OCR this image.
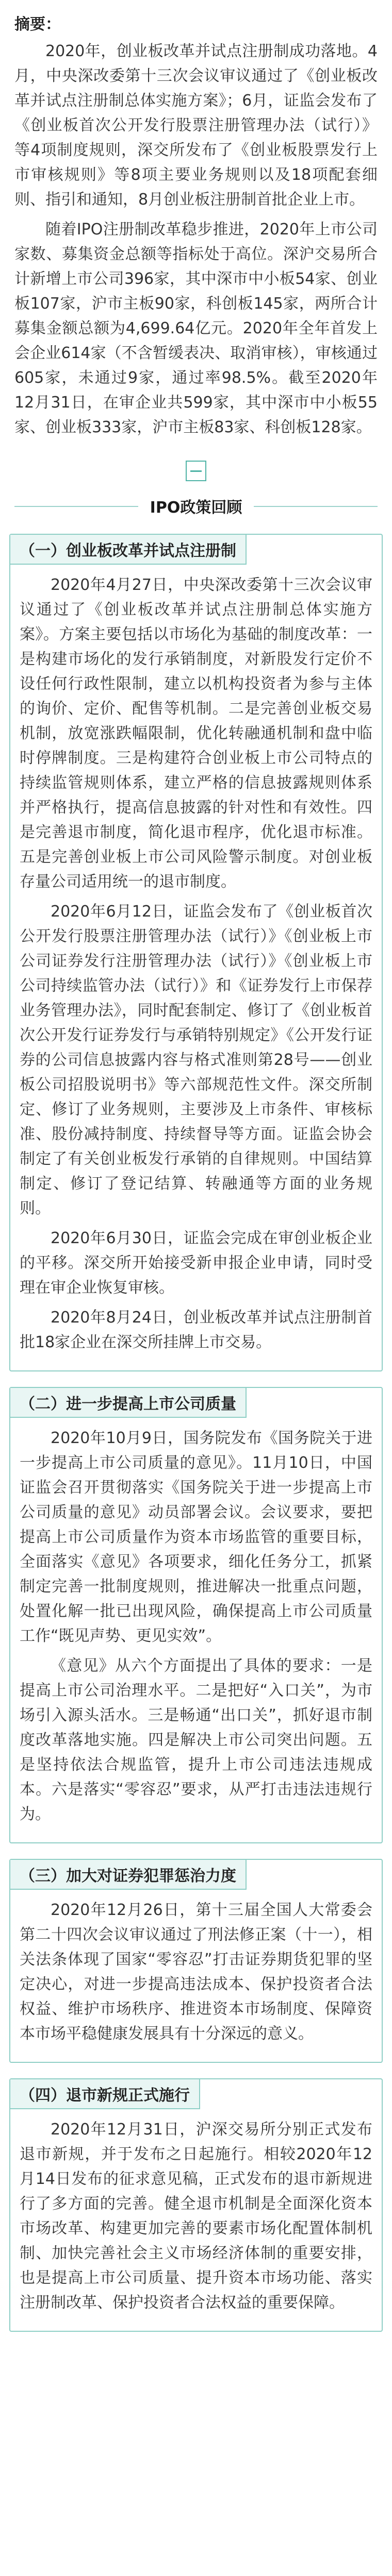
摘要：

2020年，创业板改革并试点注册制成功落地。4月，中央深改委第十三次会议审议通过了《创业板改革并试点注册制总体实施方案》；6月，证监会发布了《创业板首次公开发行股票注册管理办法（试行）》等4项制度规则，深交所发布了《创业板股票发行上市审核规则》等8项主要业务规则以及18项配套细则、指引和通知，8月创业板注册制首批企业上市。

随着IPO注册制改革稳步推进，2020年上市公司家数、募集资金总额等指标处于高位。深沪交易所合计新增上市公司396家，其中深市中小板54家、创业板107家，沪市主板90家，科创板145家，两所合计募集金额总额为4,699.64亿元。2020年全年首发上会企业614家（不含暂缓表决、取消审核），审核通过605家，未通过9家，通过率98.5%。截至2020年12月31日，在审企业共599家，其中深市中小板55家、创业板333家，沪市主板83家、科创板128家。

IPO政策回顾
（一）创业板改革并试点注册制

2020年4月27日，中央深改委第十三次会议审议通过了《创业板改革并试点注册制总体实施方案》。方案主要包括以市场化为基础的制度改革：一是构建市场化的发行承销制度，对新股发行定价不设任何行政性限制，建立以机构投资者为参与主体的询价、定价、配售等机制。二是完善创业板交易机制，放宽涨跌幅限制，优化转融通机制和盘中临时停牌制度。三是构建符合创业板上市公司特点的持续监管规则体系，建立严格的信息披露规则体系并严格执行，提高信息披露的针对性和有效性。四是完善退市制度，简化退市程序，优化退市标准。五是完善创业板上市公司风险警示制度。对创业板存量公司适用统一的退市制度。

2020年6月12日，证监会发布了《创业板首次公开发行股票注册管理办法（试行）》《创业板上市公司证券发行注册管理办法（试行）》《创业板上市公司持续监管办法（试行）》和《证券发行上市保荐业务管理办法》，同时配套制定、修订了《创业板首次公开发行证券发行与承销特别规定》《公开发行证券的公司信息披露内容与格式准则第28号——创业板公司招股说明书》等六部规范性文件。深交所制定、修订了业务规则，主要涉及上市条件、审核标准、股份减持制度、持续督导等方面。证监会协会制定了有关创业板发行承销的自律规则。中国结算制定、修订了登记结算、转融通等方面的业务规则。

2020年6月30日，证监会完成在审创业板企业的平移。深交所开始接受新申报企业申请，同时受理在审企业恢复审核。

2020年8月24日，创业板改革并试点注册制首批18家企业在深交所挂牌上市交易。

（二）进一步提高上市公司质量

2020年10月9日，国务院发布《国务院关于进一步提高上市公司质量的意见》。11月10日，中国证监会召开贯彻落实《国务院关于进一步提高上市公司质量的意见》动员部署会议。会议要求，要把提高上市公司质量作为资本市场监管的重要目标，全面落实《意见》各项要求，细化任务分工，抓紧制定完善一批制度规则，推进解决一批重点问题，处置化解一批已出现风险，确保提高上市公司质量工作“既见声势、更见实效”。

《意见》从六个方面提出了具体的要求：一是提高上市公司治理水平。二是把好“入口关”，为市场引入源头活水。三是畅通“出口关”，抓好退市制度改革落地实施。四是解决上市公司突出问题。五是坚持依法合规监管，提升上市公司违法违规成本。六是落实“零容忍”要求，从严打击违法违规行为。

（三）加大对证券犯罪惩治力度

2020年12月26日，第十三届全国人大常委会第二十四次会议审议通过了刑法修正案（十一），相关法条体现了国家“零容忍”打击证券期货犯罪的坚定决心，对进一步提高违法成本、保护投资者合法权益、维护市场秩序、推进资本市场制度、保障资本市场平稳健康发展具有十分深远的意义。

（四）退市新规正式施行

2020年12月31日，沪深交易所分别正式发布退市新规，并于发布之日起施行。相较2020年12月14日发布的征求意见稿，正式发布的退市新规进行了多方面的完善。健全退市机制是全面深化资本市场改革、构建更加完善的要素市场化配置体制机制、加快完善社会主义市场经济体制的重要安排，也是提高上市公司质量、提升资本市场功能、落实注册制改革、保护投资者合法权益的重要保障。
